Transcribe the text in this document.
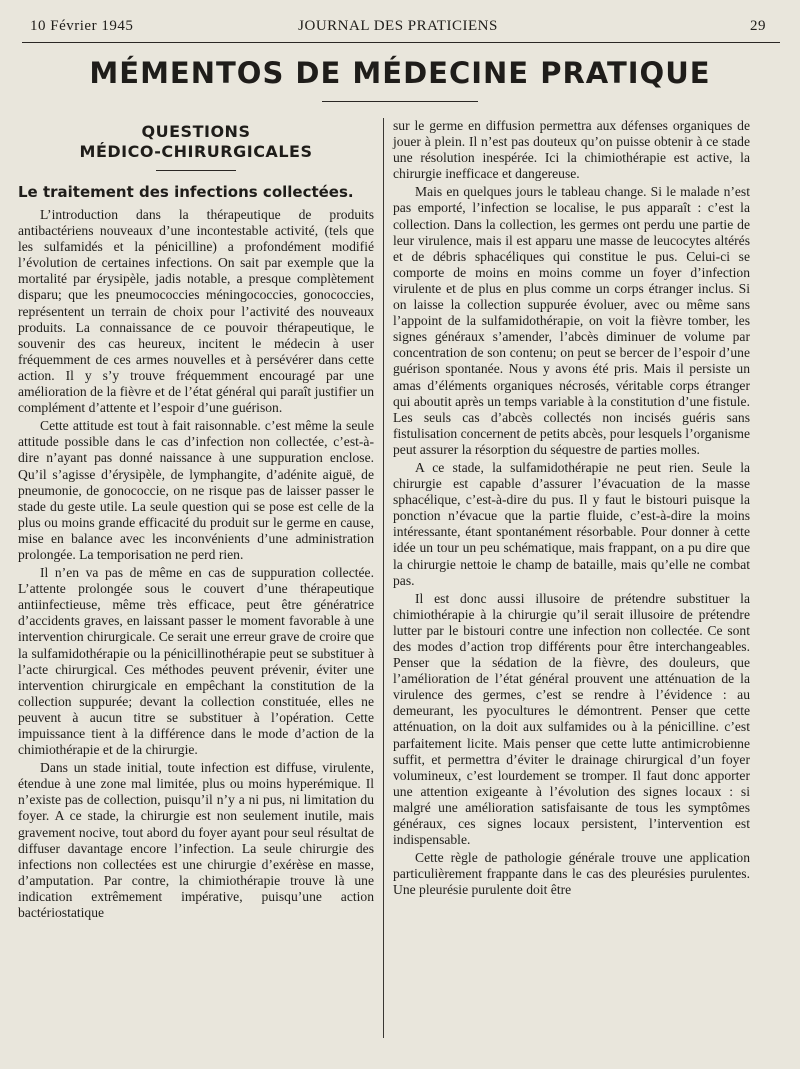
10 Février 1945	JOURNAL DES PRATICIENS	29
MÉMENTOS DE MÉDECINE PRATIQUE
QUESTIONS
MÉDICO-CHIRURGICALES
Le traitement des infections collectées.

L’introduction dans la thérapeutique de produits antibactériens nouveaux d’une incontestable activité, (tels que les sulfamidés et la pénicilline) a profondément modifié l’évolution de certaines infections. On sait par exemple que la mortalité par érysipèle, jadis notable, a presque complètement disparu; que les pneumococcies méningococcies, gonococcies, représentent un terrain de choix pour l’activité des nouveaux produits. La connaissance de ce pouvoir thérapeutique, le souvenir des cas heureux, incitent le médecin à user fréquemment de ces armes nouvelles et à persévérer dans cette action. Il y s’y trouve fréquemment encouragé par une amélioration de la fièvre et de l’état général qui paraît justifier un complément d’attente et l’espoir d’une guérison.

Cette attitude est tout à fait raisonnable. c’est même la seule attitude possible dans le cas d’infection non collectée, c’est-à-dire n’ayant pas donné naissance à une suppuration enclose. Qu’il s’agisse d’érysipèle, de lymphangite, d’adénite aiguë, de pneumonie, de gonococcie, on ne risque pas de laisser passer le stade du geste utile. La seule question qui se pose est celle de la plus ou moins grande efficacité du produit sur le germe en cause, mise en balance avec les inconvénients d’une administration prolongée. La temporisation ne perd rien.

Il n’en va pas de même en cas de suppuration collectée. L’attente prolongée sous le couvert d’une thérapeutique antiinfectieuse, même très efficace, peut être génératrice d’accidents graves, en laissant passer le moment favorable à une intervention chirurgicale. Ce serait une erreur grave de croire que la sulfamidothérapie ou la pénicillinothérapie peut se substituer à l’acte chirurgical. Ces méthodes peuvent prévenir, éviter une intervention chirurgicale en empêchant la constitution de la collection suppurée; devant la collection constituée, elles ne peuvent à aucun titre se substituer à l’opération. Cette impuissance tient à la différence dans le mode d’action de la chimiothérapie et de la chirurgie.

Dans un stade initial, toute infection est diffuse, virulente, étendue à une zone mal limitée, plus ou moins hyperémique. Il n’existe pas de collection, puisqu’il n’y a ni pus, ni limitation du foyer. A ce stade, la chirurgie est non seulement inutile, mais gravement nocive, tout abord du foyer ayant pour seul résultat de diffuser davantage encore l’infection. La seule chirurgie des infections non collectées est une chirurgie d’exérèse en masse, d’amputation. Par contre, la chimiothérapie trouve là une indication extrêmement impérative, puisqu’une action bactériostatique

sur le germe en diffusion permettra aux défenses organiques de jouer à plein. Il n’est pas douteux qu’on puisse obtenir à ce stade une résolution inespérée. Ici la chimiothérapie est active, la chirurgie inefficace et dangereuse.

Mais en quelques jours le tableau change. Si le malade n’est pas emporté, l’infection se localise, le pus apparaît : c’est la collection. Dans la collection, les germes ont perdu une partie de leur virulence, mais il est apparu une masse de leucocytes altérés et de débris sphacéliques qui constitue le pus. Celui-ci se comporte de moins en moins comme un foyer d’infection virulente et de plus en plus comme un corps étranger inclus. Si on laisse la collection suppurée évoluer, avec ou même sans l’appoint de la sulfamidothérapie, on voit la fièvre tomber, les signes généraux s’amender, l’abcès diminuer de volume par concentration de son contenu; on peut se bercer de l’espoir d’une guérison spontanée. Nous y avons été pris. Mais il persiste un amas d’éléments organiques nécrosés, véritable corps étranger qui aboutit après un temps variable à la constitution d’une fistule. Les seuls cas d’abcès collectés non incisés guéris sans fistulisation concernent de petits abcès, pour lesquels l’organisme peut assurer la résorption du séquestre de parties molles.

A ce stade, la sulfamidothérapie ne peut rien. Seule la chirurgie est capable d’assurer l’évacuation de la masse sphacélique, c’est-à-dire du pus. Il y faut le bistouri puisque la ponction n’évacue que la partie fluide, c’est-à-dire la moins intéressante, étant spontanément résorbable. Pour donner à cette idée un tour un peu schématique, mais frappant, on a pu dire que la chirurgie nettoie le champ de bataille, mais qu’elle ne combat pas.

Il est donc aussi illusoire de prétendre substituer la chimiothérapie à la chirurgie qu’il serait illusoire de prétendre lutter par le bistouri contre une infection non collectée. Ce sont des modes d’action trop différents pour être interchangeables. Penser que la sédation de la fièvre, des douleurs, que l’amélioration de l’état général prouvent une atténuation de la virulence des germes, c’est se rendre à l’évidence : au demeurant, les pyocultures le démontrent. Penser que cette atténuation, on la doit aux sulfamides ou à la pénicilline. c’est parfaitement licite. Mais penser que cette lutte antimicrobienne suffit, et permettra d’éviter le drainage chirurgical d’un foyer volumineux, c’est lourdement se tromper. Il faut donc apporter une attention exigeante à l’évolution des signes locaux : si malgré une amélioration satisfaisante de tous les symptômes généraux, ces signes locaux persistent, l’intervention est indispensable.

Cette règle de pathologie générale trouve une application particulièrement frappante dans le cas des pleurésies purulentes. Une pleurésie purulente doit être
